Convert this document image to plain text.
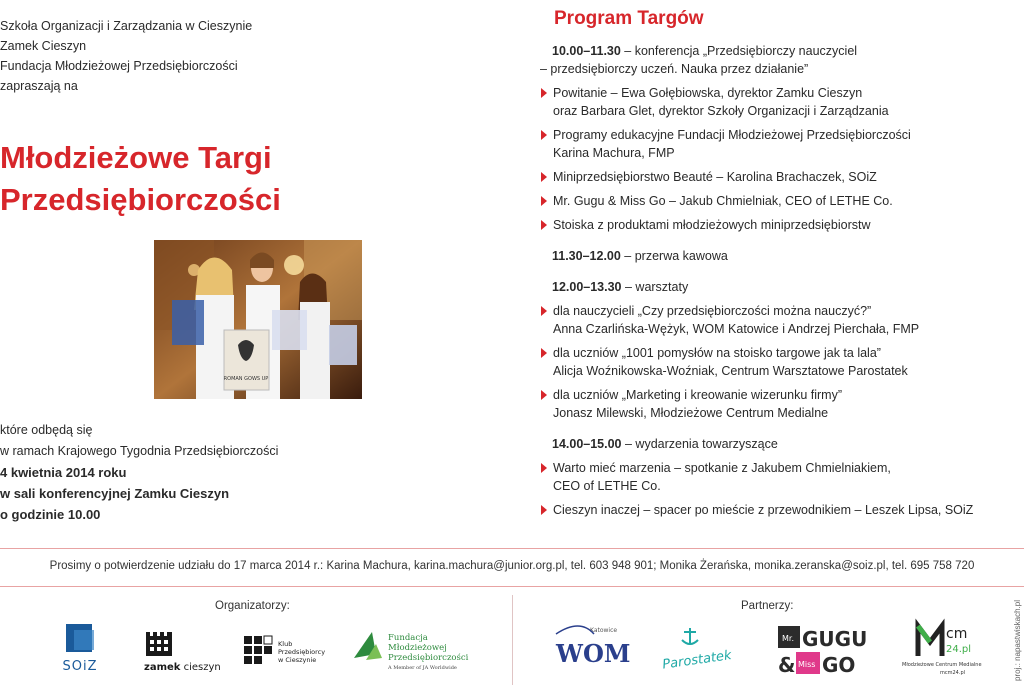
Szkoła Organizacji i Zarządzania w Cieszynie
Zamek Cieszyn
Fundacja Młodzieżowej Przedsiębiorczości
zapraszają na
Młodzieżowe Targi
Przedsiębiorczości
ROMAN GOWS UP
które odbędą się
w ramach Krajowego Tygodnia Przedsiębiorczości
4 kwietnia 2014 roku
w sali konferencyjnej Zamku Cieszyn
o godzinie 10.00
Program Targów
10.00–11.30 – konferencja „Przedsiębiorczy nauczyciel
– przedsiębiorczy uczeń. Nauka przez działanie”
Powitanie – Ewa Gołębiowska, dyrektor Zamku Cieszyn
oraz Barbara Glet, dyrektor Szkoły Organizacji i Zarządzania
Programy edukacyjne Fundacji Młodzieżowej Przedsiębiorczości
Karina Machura, FMP
Miniprzedsiębiorstwo Beauté – Karolina Brachaczek, SOiZ
Mr. Gugu & Miss Go – Jakub Chmielniak, CEO of LETHE Co.
Stoiska z produktami młodzieżowych miniprzedsiębiorstw
11.30–12.00 – przerwa kawowa
12.00–13.30 – warsztaty
dla nauczycieli „Czy przedsiębiorczości można nauczyć?”
Anna Czarlińska-Wężyk, WOM Katowice i Andrzej Pierchała, FMP
dla uczniów „1001 pomysłów na stoisko targowe jak ta lala”
Alicja Woźnikowska-Woźniak, Centrum Warsztatowe Parostatek
dla uczniów „Marketing i kreowanie wizerunku firmy”
Jonasz Milewski, Młodzieżowe Centrum Medialne
14.00–15.00 – wydarzenia towarzyszące
Warto mieć marzenia – spotkanie z Jakubem Chmielniakiem,
CEO of LETHE Co.
Cieszyn inaczej – spacer po mieście z przewodnikiem – Leszek Lipsa, SOiZ
Prosimy o potwierdzenie udziału do 17 marca 2014 r.: Karina Machura, karina.machura@junior.org.pl, tel. 603 948 901; Monika Żerańska, monika.zeranska@soiz.pl, tel. 695 758 720
Organizatorzy:	Partnerzy:
SOiZ	zamek cieszyn
Klub
Przedsiębiorcy
w Cieszynie
Fundacja
Młodzieżowej
Przedsiębiorczości
A Member of JA Worldwide
Katowice
WOM Parostatek
Mr. GUGU
& Miss GO
cm
24.pl
Młodzieżowe Centrum Medialne
mcm24.pl	proj.: napastwiskach.pl
